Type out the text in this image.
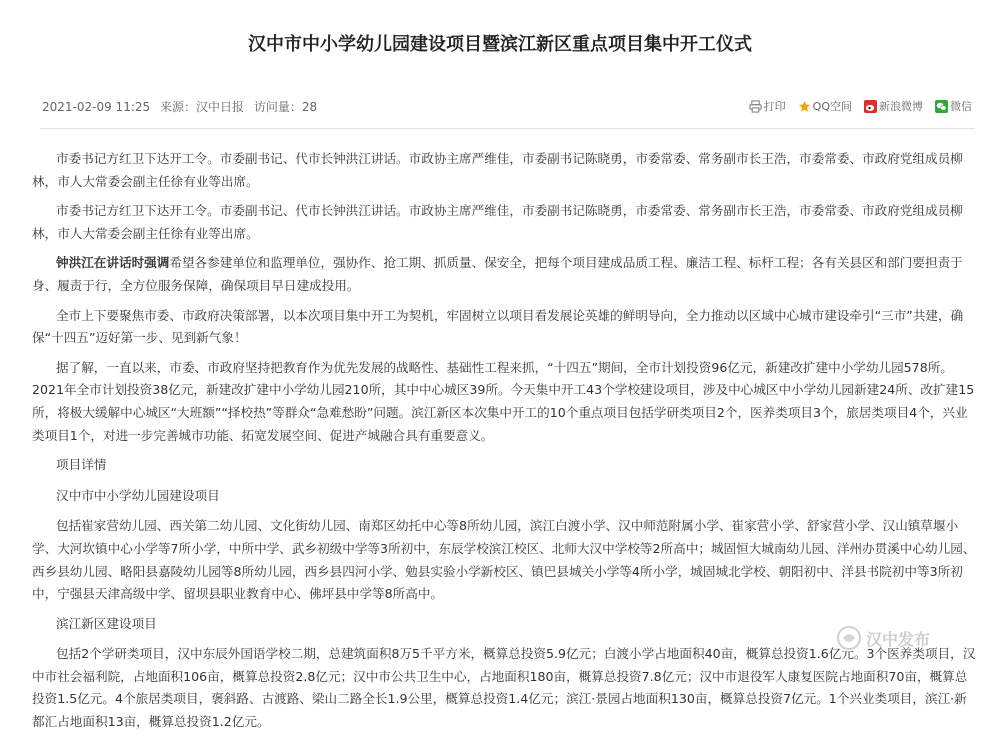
汉中市中小学幼儿园建设项目暨滨江新区重点项目集中开工仪式
2021-02-09 11:25 来源：汉中日报 访问量：28	打印 QQ空间 新浪微博 微信

市委书记方红卫下达开工令。市委副书记、代市长钟洪江讲话。市政协主席严维佳，市委副书记陈晓勇，市委常委、常务副市长王浩，市委常委、市政府党组成员柳林，市人大常委会副主任徐有业等出席。

市委书记方红卫下达开工令。市委副书记、代市长钟洪江讲话。市政协主席严维佳，市委副书记陈晓勇，市委常委、常务副市长王浩，市委常委、市政府党组成员柳林，市人大常委会副主任徐有业等出席。

钟洪江在讲话时强调希望各参建单位和监理单位，强协作、抢工期、抓质量、保安全，把每个项目建成品质工程、廉洁工程、标杆工程；各有关县区和部门要担责于身、履责于行，全方位服务保障，确保项目早日建成投用。

全市上下要聚焦市委、市政府决策部署，以本次项目集中开工为契机，牢固树立以项目看发展论英雄的鲜明导向，全力推动以区域中心城市建设牵引“三市”共建，确保“十四五”迈好第一步、见到新气象！

据了解，一直以来，市委、市政府坚持把教育作为优先发展的战略性、基础性工程来抓，“十四五”期间，全市计划投资96亿元，新建改扩建中小学幼儿园578所。2021年全市计划投资38亿元，新建改扩建中小学幼儿园210所，其中中心城区39所。今天集中开工43个学校建设项目，涉及中心城区中小学幼儿园新建24所、改扩建15所，将极大缓解中心城区“大班额”“择校热”等群众“急难愁盼”问题。滨江新区本次集中开工的10个重点项目包括学研类项目2个，医养类项目3个，旅居类项目4个，兴业类项目1个，对进一步完善城市功能、拓宽发展空间、促进产城融合具有重要意义。

项目详情

汉中市中小学幼儿园建设项目

包括崔家营幼儿园、西关第二幼儿园、文化街幼儿园、南郑区幼托中心等8所幼儿园，滨江白渡小学、汉中师范附属小学、崔家营小学、舒家营小学、汉山镇草堰小学、大河坎镇中心小学等7所小学，中所中学、武乡初级中学等3所初中，东辰学校滨江校区、北师大汉中学校等2所高中；城固恒大城南幼儿园、洋州办贯溪中心幼儿园、西乡县幼儿园、略阳县嘉陵幼儿园等8所幼儿园，西乡县四河小学、勉县实验小学新校区、镇巴县城关小学等4所小学，城固城北学校、朝阳初中、洋县书院初中等3所初中，宁强县天津高级中学、留坝县职业教育中心、佛坪县中学等8所高中。

滨江新区建设项目

包括2个学研类项目，汉中东辰外国语学校二期，总建筑面积8万5千平方米，概算总投资5.9亿元；白渡小学占地面积40亩，概算总投资1.6亿元。3个医养类项目，汉中市社会福利院，占地面积106亩，概算总投资2.8亿元；汉中市公共卫生中心，占地面积180亩，概算总投资7.8亿元；汉中市退役军人康复医院占地面积70亩，概算总投资1.5亿元。4个旅居类项目，褒斜路、古渡路、梁山二路全长1.9公里，概算总投资1.4亿元；滨江·景园占地面积130亩，概算总投资7亿元。1个兴业类项目，滨江·新都汇占地面积13亩，概算总投资1.2亿元。

汉中发布
